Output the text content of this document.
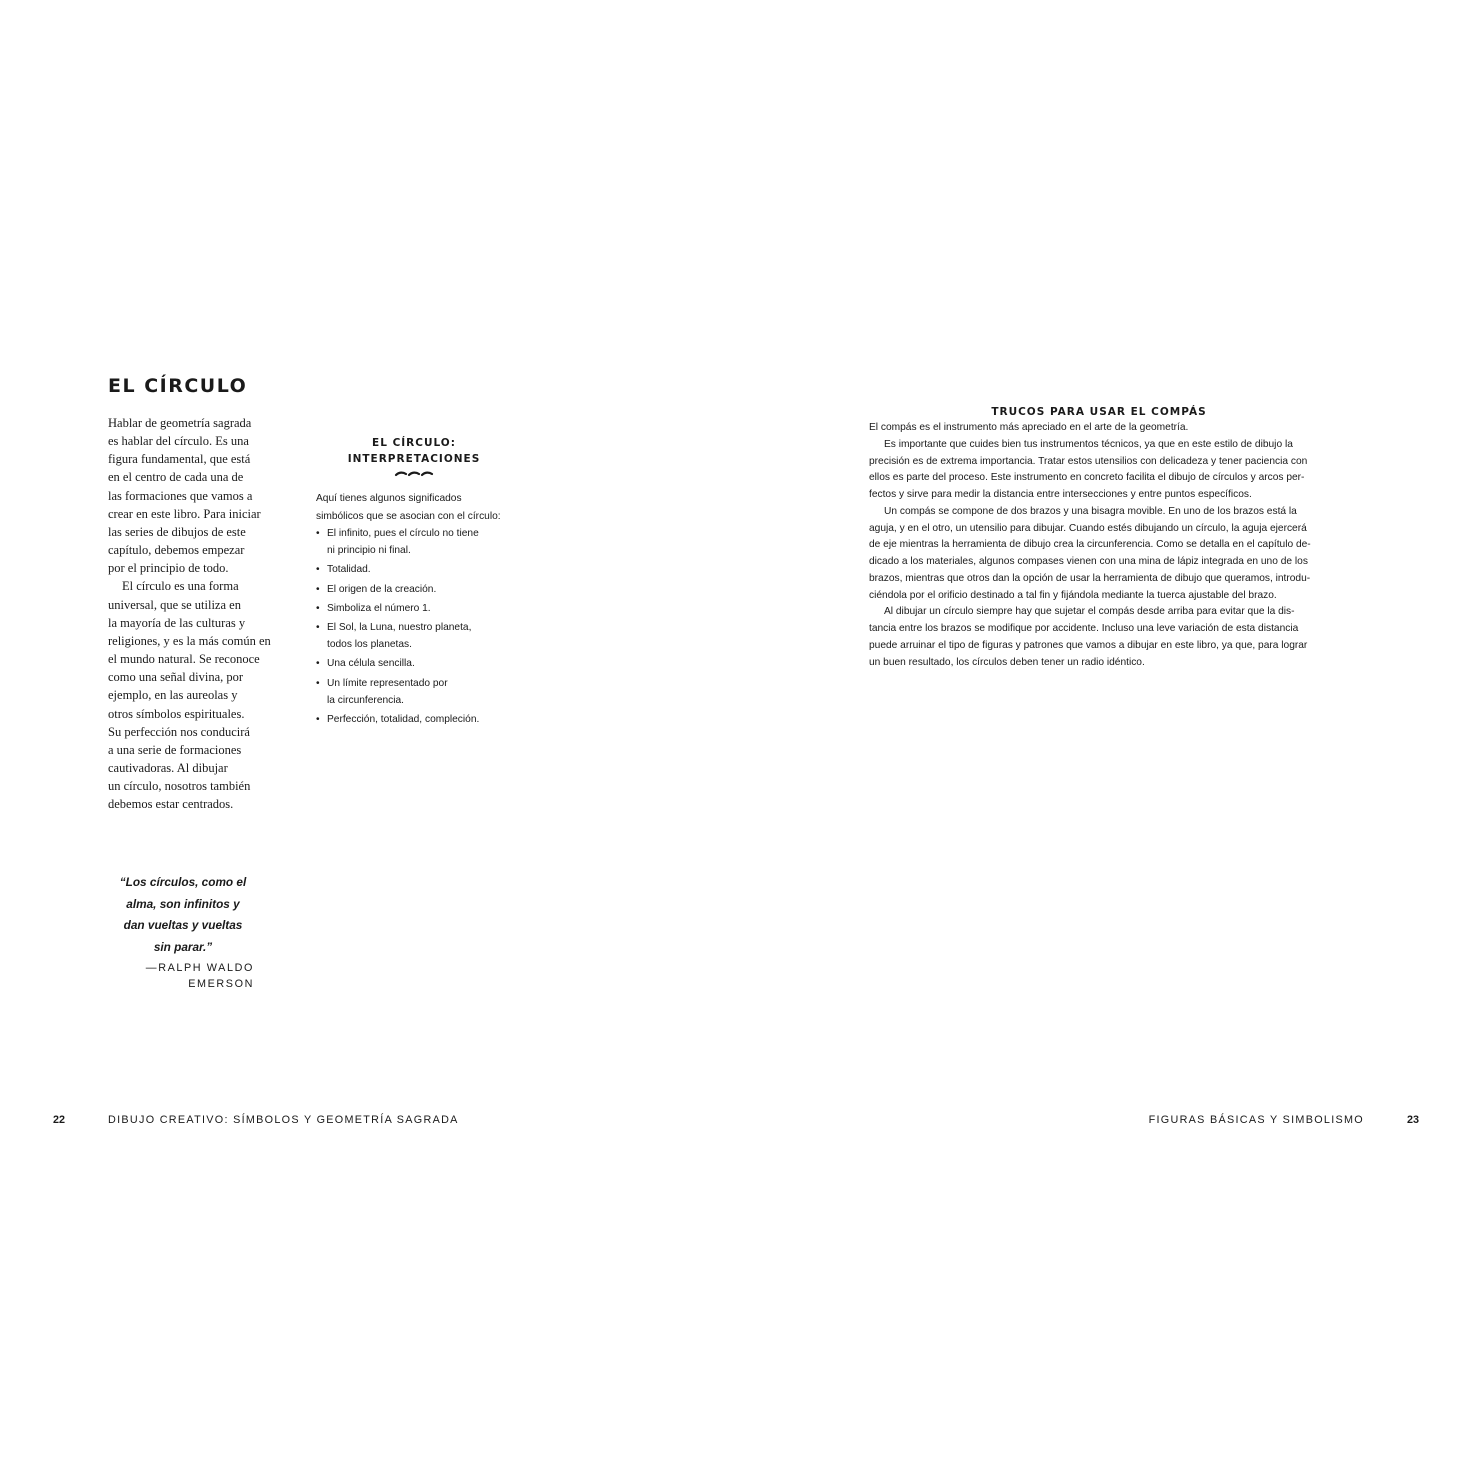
EL CÍRCULO

Hablar de geometría sagrada

es hablar del círculo. Es una

figura fundamental, que está

en el centro de cada una de

las formaciones que vamos a

crear en este libro. Para iniciar

las series de dibujos de este

capítulo, debemos empezar

por el principio de todo.

El círculo es una forma

universal, que se utiliza en

la mayoría de las culturas y

religiones, y es la más común en

el mundo natural. Se reconoce

como una señal divina, por

ejemplo, en las aureolas y

otros símbolos espirituales.

Su perfección nos conducirá

a una serie de formaciones

cautivadoras. Al dibujar

un círculo, nosotros también

debemos estar centrados.

EL CÍRCULO:
INTERPRETACIONES
Aquí tienes algunos significados
simbólicos que se asocian con el círculo:
• El infinito, pues el círculo no tiene
ni principio ni final.
• Totalidad.
• El origen de la creación.
• Simboliza el número 1.
• El Sol, la Luna, nuestro planeta,
todos los planetas.
• Una célula sencilla.
• Un límite representado por
la circunferencia.
• Perfección, totalidad, compleción.
“Los círculos, como el
alma, son infinitos y
dan vueltas y vueltas
sin parar.”
—RALPH WALDO
EMERSON
22	DIBUJO CREATIVO: SÍMBOLOS Y GEOMETRÍA SAGRADA
TRUCOS PARA USAR EL COMPÁS
El compás es el instrumento más apreciado en el arte de la geometría.
Es importante que cuides bien tus instrumentos técnicos, ya que en este estilo de dibujo la
precisión es de extrema importancia. Tratar estos utensilios con delicadeza y tener paciencia con
ellos es parte del proceso. Este instrumento en concreto facilita el dibujo de círculos y arcos per-
fectos y sirve para medir la distancia entre intersecciones y entre puntos específicos.
Un compás se compone de dos brazos y una bisagra movible. En uno de los brazos está la
aguja, y en el otro, un utensilio para dibujar. Cuando estés dibujando un círculo, la aguja ejercerá
de eje mientras la herramienta de dibujo crea la circunferencia. Como se detalla en el capítulo de-
dicado a los materiales, algunos compases vienen con una mina de lápiz integrada en uno de los
brazos, mientras que otros dan la opción de usar la herramienta de dibujo que queramos, introdu-
ciéndola por el orificio destinado a tal fin y fijándola mediante la tuerca ajustable del brazo.
Al dibujar un círculo siempre hay que sujetar el compás desde arriba para evitar que la dis-
tancia entre los brazos se modifique por accidente. Incluso una leve variación de esta distancia
puede arruinar el tipo de figuras y patrones que vamos a dibujar en este libro, ya que, para lograr
un buen resultado, los círculos deben tener un radio idéntico.
FIGURAS BÁSICAS Y SIMBOLISMO	23
